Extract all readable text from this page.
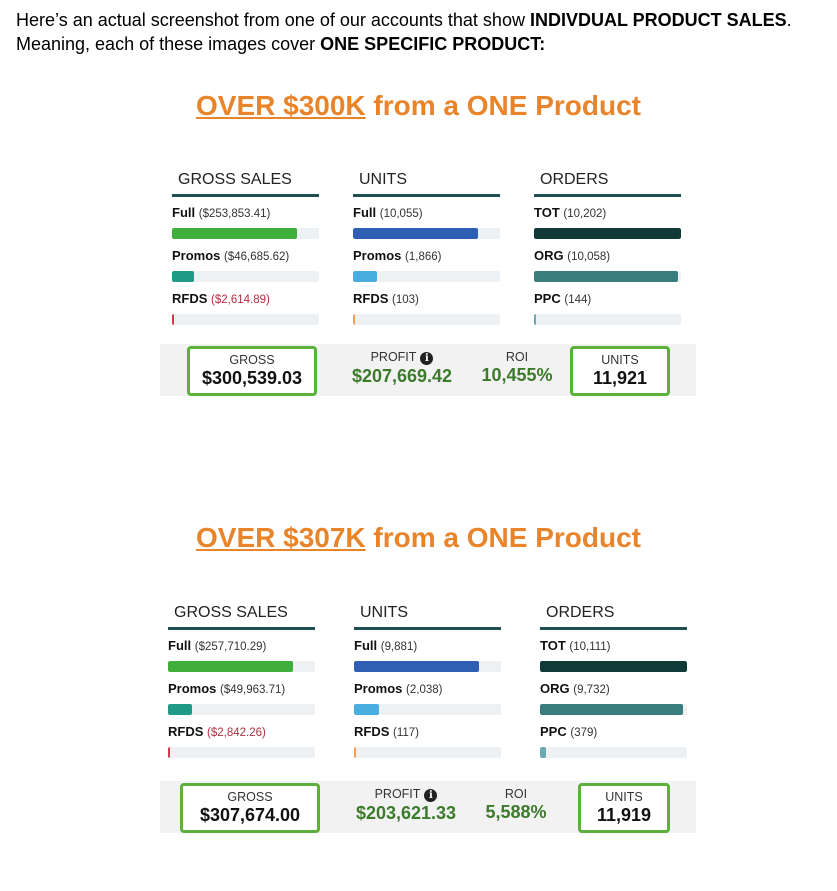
Here’s an actual screenshot from one of our accounts that show INDIVDUAL PRODUCT SALES.
Meaning, each of these images cover ONE SPECIFIC PRODUCT:
OVER $300K from a ONE Product
GROSS SALES
Full ($253,853.41)
Promos ($46,685.62)
RFDS ($2,614.89)
UNITS
Full (10,055)
Promos (1,866)
RFDS (103)
ORDERS
TOT (10,202)
ORG (10,058)
PPC (144)
GROSS
$300,539.03
PROFIT i
$207,669.42
ROI
10,455%
UNITS
11,921
OVER $307K from a ONE Product
GROSS SALES
Full ($257,710.29)
Promos ($49,963.71)
RFDS ($2,842.26)
UNITS
Full (9,881)
Promos (2,038)
RFDS (117)
ORDERS
TOT (10,111)
ORG (9,732)
PPC (379)
GROSS
$307,674.00
PROFIT i
$203,621.33
ROI
5,588%
UNITS
11,919
